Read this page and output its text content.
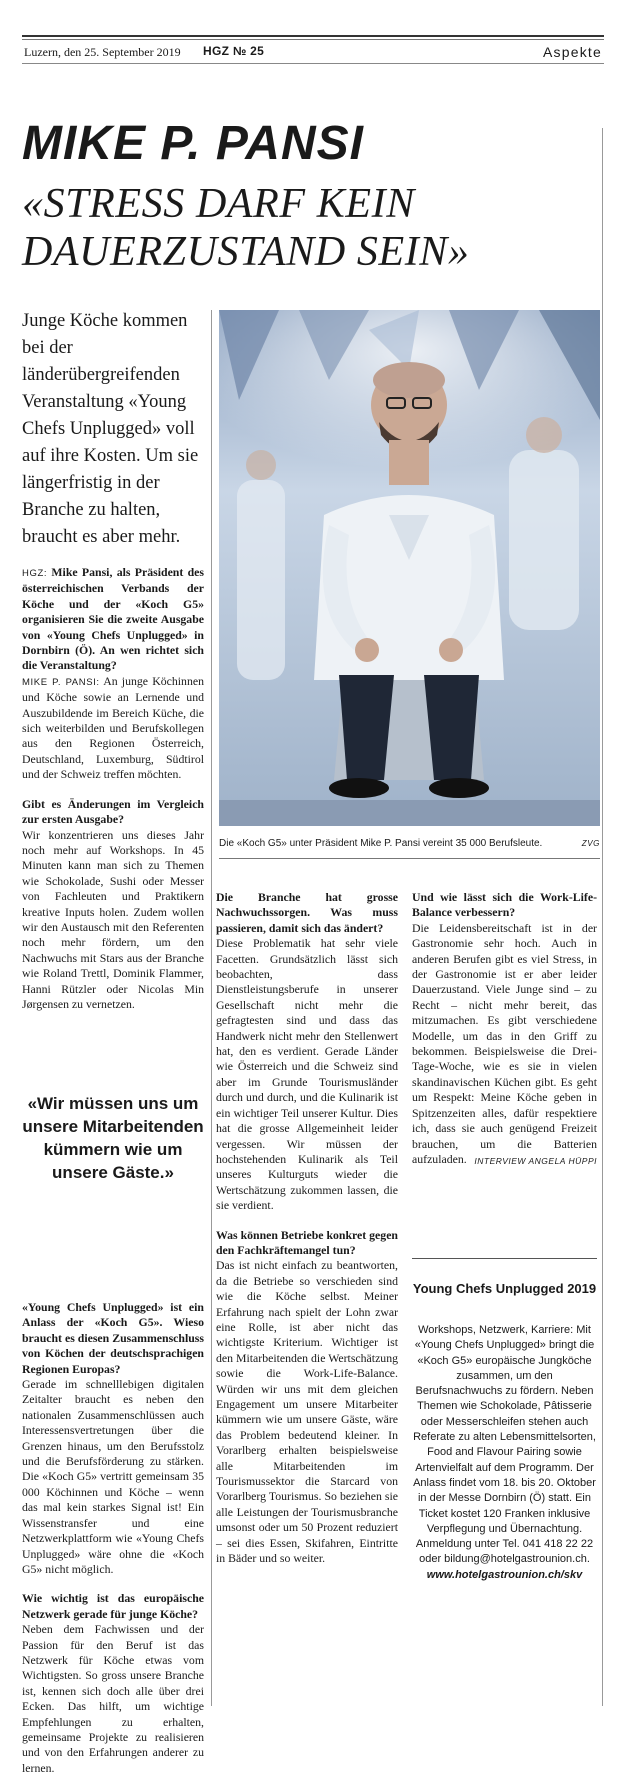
Luzern, den 25. September 2019 HGZ № 25	Aspekte
MIKE P. PANSI
«STRESS DARF KEIN
DAUERZUSTAND SEIN»
Junge Köche kommen bei der länderübergreifenden Veranstaltung «Young Chefs Unplugged» voll auf ihre Kosten. Um sie längerfristig in der Branche zu halten, braucht es aber mehr.
HGZ: Mike Pansi, als Präsident des österreichischen Verbands der Köche und der «Koch G5» organisieren Sie die zweite Ausgabe von «Young Chefs Unplugged» in Dornbirn (Ö). An wen richtet sich die Veranstaltung?
MIKE P. PANSI: An junge Köchinnen und Köche sowie an Lernende und Auszubildende im Bereich Küche, die sich weiterbilden und Berufskollegen aus den Regionen Österreich, Deutschland, Luxemburg, Südtirol und der Schweiz treffen möchten.
Gibt es Änderungen im Vergleich zur ersten Ausgabe?
Wir konzentrieren uns dieses Jahr noch mehr auf Workshops. In 45 Minuten kann man sich zu Themen wie Schokolade, Sushi oder Messer von Fachleuten und Praktikern kreative Inputs holen. Zudem wollen wir den Austausch mit den Referenten noch mehr fördern, um den Nachwuchs mit Stars aus der Branche wie Roland Trettl, Dominik Flammer, Hanni Rützler oder Nicolas Min Jørgensen zu vernetzen.
«Wir müssen uns um unsere Mitarbeitenden kümmern wie um unsere Gäste.»
«Young Chefs Unplugged» ist ein Anlass der «Koch G5». Wieso braucht es diesen Zusammenschluss von Köchen der deutschsprachigen Regionen Europas?
Gerade im schnelllebigen digitalen Zeitalter braucht es neben den nationalen Zusammenschlüssen auch Interessensvertretungen über die Grenzen hinaus, um den Berufsstolz und die Berufsförderung zu stärken. Die «Koch G5» vertritt gemeinsam 35 000 Köchinnen und Köche – wenn das mal kein starkes Signal ist! Ein Wissenstransfer und eine Netzwerkplattform wie «Young Chefs Unplugged» wäre ohne die «Koch G5» nicht möglich.
Wie wichtig ist das europäische Netzwerk gerade für junge Köche?
Neben dem Fachwissen und der Passion für den Beruf ist das Netzwerk für Köche etwas vom Wichtigsten. So gross unsere Branche ist, kennen sich doch alle über drei Ecken. Das hilft, um wichtige Empfehlungen zu erhalten, gemeinsame Projekte zu realisieren und von den Erfahrungen anderer zu lernen.
Die «Koch G5» unter Präsident Mike P. Pansi vereint 35 000 Berufsleute.	ZVG
Die Branche hat grosse Nachwuchssorgen. Was muss passieren, damit sich das ändert?
Diese Problematik hat sehr viele Facetten. Grundsätzlich lässt sich beobachten, dass Dienstleistungsberufe in unserer Gesellschaft nicht mehr die gefragtesten sind und dass das Handwerk nicht mehr den Stellenwert hat, den es verdient. Gerade Länder wie Österreich und die Schweiz sind aber im Grunde Tourismusländer durch und durch, und die Kulinarik ist ein wichtiger Teil unserer Kultur. Dies hat die grosse Allgemeinheit leider vergessen. Wir müssen der hochstehenden Kulinarik als Teil unseres Kulturguts wieder die Wertschätzung zukommen lassen, die sie verdient.
Was können Betriebe konkret gegen den Fachkräftemangel tun?
Das ist nicht einfach zu beantworten, da die Betriebe so verschieden sind wie die Köche selbst. Meiner Erfahrung nach spielt der Lohn zwar eine Rolle, ist aber nicht das wichtigste Kriterium. Wichtiger ist den Mitarbeitenden die Wertschätzung sowie die Work-Life-Balance. Würden wir uns mit dem gleichen Engagement um unsere Mitarbeiter kümmern wie um unsere Gäste, wäre das Problem bedeutend kleiner. In Vorarlberg erhalten beispielsweise alle Mitarbeitenden im Tourismussektor die Starcard von Vorarlberg Tourismus. So beziehen sie alle Leistungen der Tourismusbranche umsonst oder um 50 Prozent reduziert – sei dies Essen, Skifahren, Eintritte in Bäder und so weiter.
Und wie lässt sich die Work-Life-Balance verbessern?
Die Leidensbereitschaft ist in der Gastronomie sehr hoch. Auch in anderen Berufen gibt es viel Stress, in der Gastronomie ist er aber leider Dauerzustand. Viele Junge sind – zu Recht – nicht mehr bereit, das mitzumachen. Es gibt verschiedene Modelle, um das in den Griff zu bekommen. Beispielsweise die Drei-Tage-Woche, wie es sie in vielen skandinavischen Küchen gibt. Es geht um Respekt: Meine Köche geben in Spitzenzeiten alles, dafür respektiere ich, dass sie auch genügend Freizeit brauchen, um die Batterien aufzuladen. INTERVIEW ANGELA HÜPPI
Young Chefs Unplugged 2019
Workshops, Netzwerk, Karriere: Mit «Young Chefs Unplugged» bringt die «Koch G5» europäische Jungköche zusammen, um den Berufsnachwuchs zu fördern. Neben Themen wie Schokolade, Pâtisserie oder Messerschleifen stehen auch Referate zu alten Lebensmittelsorten, Food and Flavour Pairing sowie Artenvielfalt auf dem Programm. Der Anlass findet vom 18. bis 20. Oktober in der Messe Dornbirn (Ö) statt. Ein Ticket kostet 120 Franken inklusive Verpflegung und Übernachtung. Anmeldung unter Tel. 041 418 22 22 oder bildung@hotelgastrounion.ch.
www.hotelgastrounion.ch/skv
